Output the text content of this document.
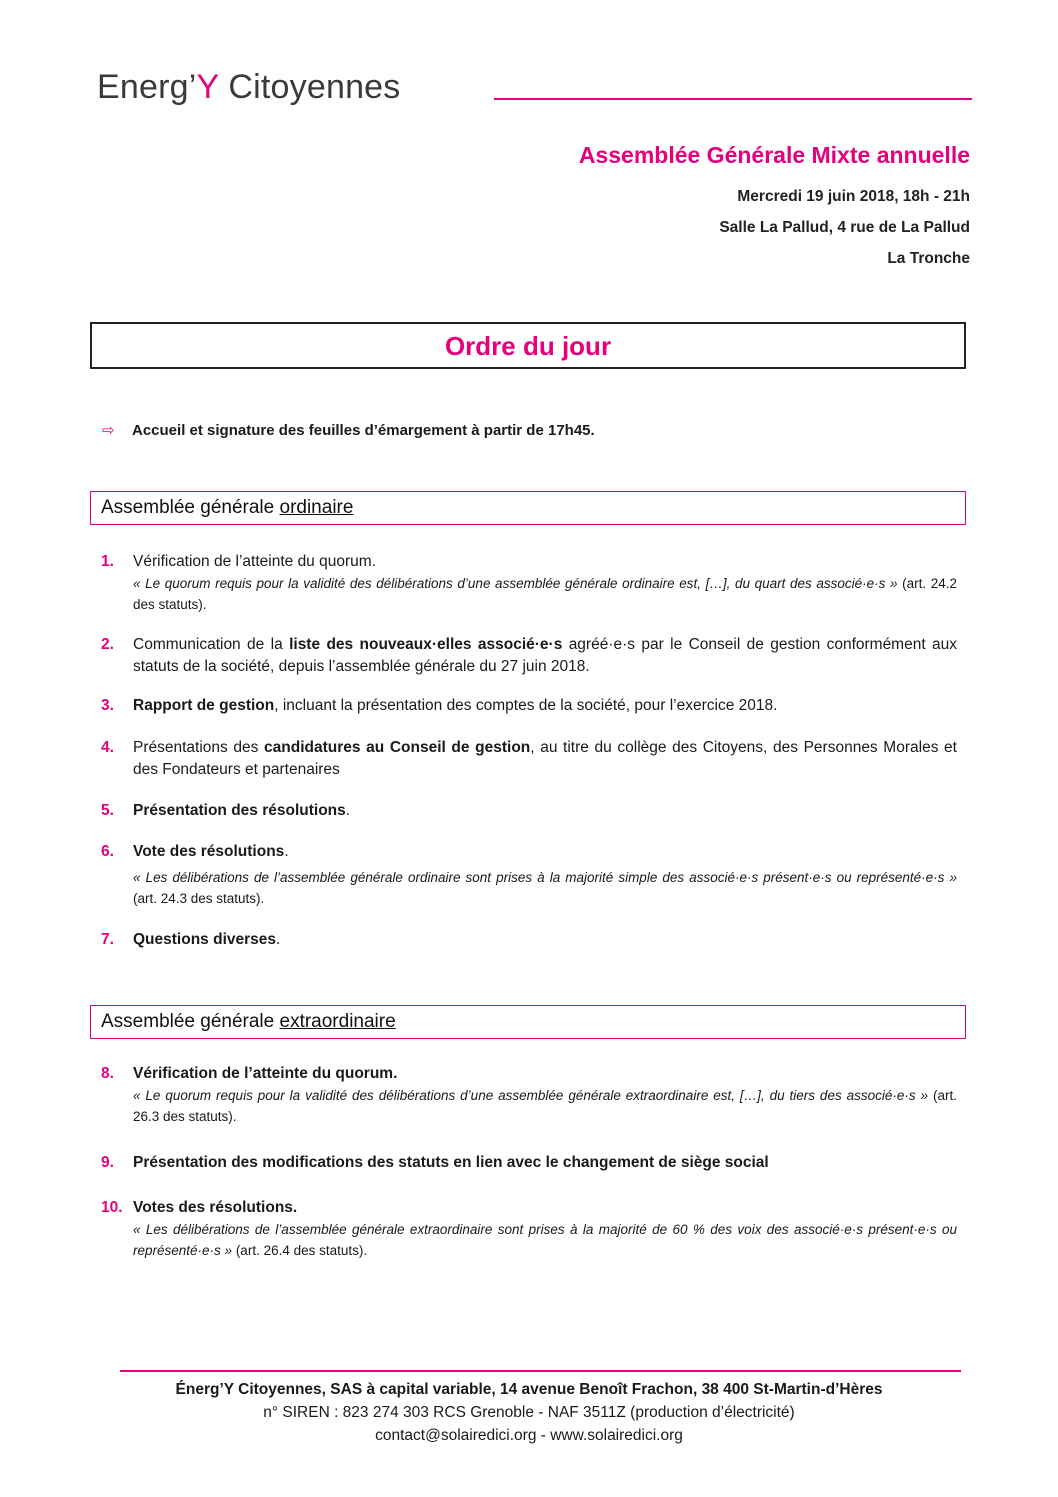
Energ’Y Citoyennes
Assemblée Générale Mixte annuelle
Mercredi 19 juin 2018, 18h - 21h
Salle La Pallud, 4 rue de La Pallud
La Tronche
Ordre du jour
⇨ Accueil et signature des feuilles d’émargement à partir de 17h45.
Assemblée générale ordinaire
1. Vérification de l’atteinte du quorum.
« Le quorum requis pour la validité des délibérations d’une assemblée générale ordinaire est, […], du quart des associé·e·s » (art. 24.2 des statuts).
2. Communication de la liste des nouveaux·elles associé·e·s agréé·e·s par le Conseil de gestion conformément aux statuts de la société, depuis l’assemblée générale du 27 juin 2018.
3. Rapport de gestion, incluant la présentation des comptes de la société, pour l’exercice 2018.
4. Présentations des candidatures au Conseil de gestion, au titre du collège des Citoyens, des Personnes Morales et des Fondateurs et partenaires
5. Présentation des résolutions.
6. Vote des résolutions.
« Les délibérations de l’assemblée générale ordinaire sont prises à la majorité simple des associé·e·s présent·e·s ou représenté·e·s » (art. 24.3 des statuts).
7. Questions diverses.
Assemblée générale extraordinaire
8. Vérification de l’atteinte du quorum.
« Le quorum requis pour la validité des délibérations d’une assemblée générale extraordinaire est, […], du tiers des associé·e·s » (art. 26.3 des statuts).
9. Présentation des modifications des statuts en lien avec le changement de siège social
10. Votes des résolutions.
« Les délibérations de l’assemblée générale extraordinaire sont prises à la majorité de 60 % des voix des associé·e·s présent·e·s ou représenté·e·s » (art. 26.4 des statuts).
Énerg’Y Citoyennes, SAS à capital variable, 14 avenue Benoît Frachon, 38 400 St-Martin-d’Hères
n° SIREN : 823 274 303 RCS Grenoble - NAF 3511Z (production d’électricité)
contact@solairedici.org - www.solairedici.org
